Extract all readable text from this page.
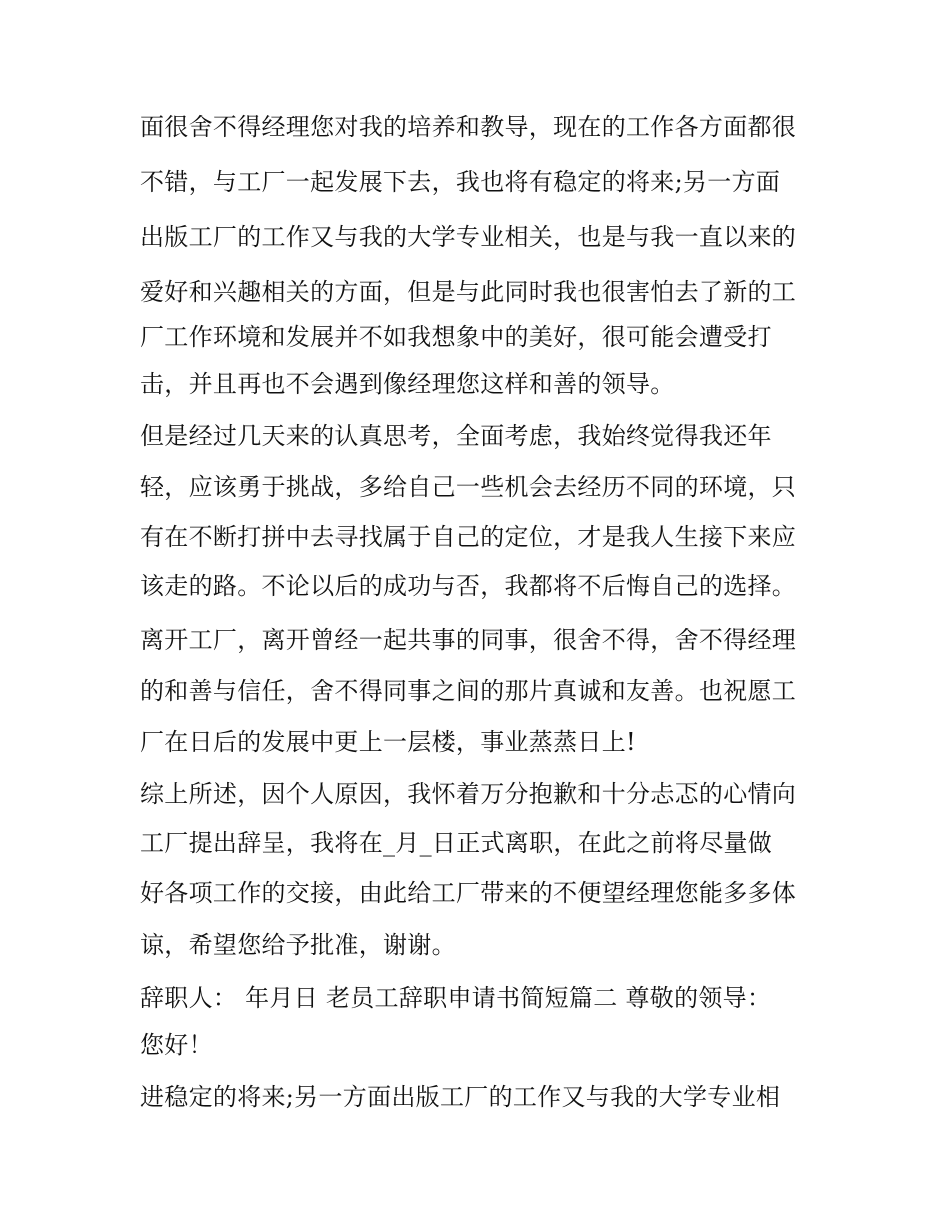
面很舍不得经理您对我的培养和教导，现在的工作各方面都很

不错，与工厂一起发展下去，我也将有稳定的将来;另一方面

出版工厂的工作又与我的大学专业相关，也是与我一直以来的

爱好和兴趣相关的方面，但是与此同时我也很害怕去了新的工

厂工作环境和发展并不如我想象中的美好，很可能会遭受打

击，并且再也不会遇到像经理您这样和善的领导。

但是经过几天来的认真思考，全面考虑，我始终觉得我还年

轻，应该勇于挑战，多给自己一些机会去经历不同的环境，只

有在不断打拼中去寻找属于自己的定位，才是我人生接下来应

该走的路。不论以后的成功与否，我都将不后悔自己的选择。

离开工厂，离开曾经一起共事的同事，很舍不得，舍不得经理

的和善与信任，舍不得同事之间的那片真诚和友善。也祝愿工

厂在日后的发展中更上一层楼，事业蒸蒸日上!

综上所述，因个人原因，我怀着万分抱歉和十分忐忑的心情向

工厂提出辞呈，我将在_月_日正式离职，在此之前将尽量做

好各项工作的交接，由此给工厂带来的不便望经理您能多多体

谅，希望您给予批准，谢谢。

辞职人： 年月日 老员工辞职申请书简短篇二 尊敬的领导：

您好！

进稳定的将来;另一方面出版工厂的工作又与我的大学专业相
